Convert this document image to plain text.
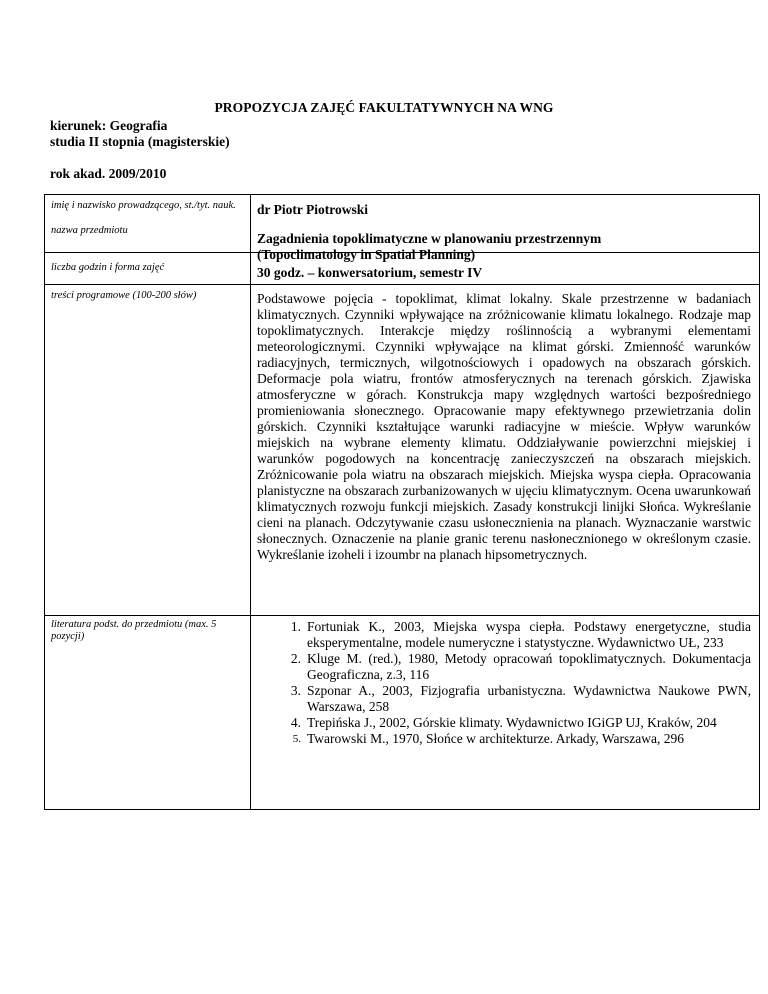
PROPOZYCJA ZAJĘĆ FAKULTATYWNYCH NA WNG
kierunek: Geografia
studia II stopnia (magisterskie)
rok akad. 2009/2010
imię i nazwisko prowadzącego, st./tyt. nauk.
nazwa przedmiotu
liczba godzin i forma zajęć
treści programowe (100-200 słów)
literatura podst. do przedmiotu (max. 5 pozycji)
dr Piotr Piotrowski
Zagadnienia topoklimatyczne w planowaniu przestrzennym
(Topoclimatology in Spatial Planning)
30 godz. – konwersatorium, semestr IV
Podstawowe pojęcia - topoklimat, klimat lokalny. Skale przestrzenne w badaniach klimatycznych. Czynniki wpływające na zróżnicowanie klimatu lokalnego. Rodzaje map topoklimatycznych. Interakcje między roślinnością a wybranymi elementami meteorologicznymi. Czynniki wpływające na klimat górski. Zmienność warunków radiacyjnych, termicznych, wilgotnościowych i opadowych na obszarach górskich. Deformacje pola wiatru, frontów atmosferycznych na terenach górskich. Zjawiska atmosferyczne w górach. Konstrukcja mapy względnych wartości bezpośredniego promieniowania słonecznego. Opracowanie mapy efektywnego przewietrzania dolin górskich. Czynniki kształtujące warunki radiacyjne w mieście. Wpływ warunków miejskich na wybrane elementy klimatu. Oddziaływanie powierzchni miejskiej i warunków pogodowych na koncentrację zanieczyszczeń na obszarach miejskich. Zróżnicowanie pola wiatru na obszarach miejskich. Miejska wyspa ciepła. Opracowania planistyczne na obszarach zurbanizowanych w ujęciu klimatycznym. Ocena uwarunkowań klimatycznych rozwoju funkcji miejskich. Zasady konstrukcji linijki Słońca. Wykreślanie cieni na planach. Odczytywanie czasu usłonecznienia na planach. Wyznaczanie warstwic słonecznych. Oznaczenie na planie granic terenu nasłonecznionego w określonym czasie. Wykreślanie izoheli i izoumbr na planach hipsometrycznych.
1. Fortuniak K., 2003, Miejska wyspa ciepła. Podstawy energetyczne, studia eksperymentalne, modele numeryczne i statystyczne. Wydawnictwo UŁ, 233
2. Kluge M. (red.), 1980, Metody opracowań topoklimatycznych. Dokumentacja Geograficzna, z.3, 116
3. Szponar A., 2003, Fizjografia urbanistyczna. Wydawnictwa Naukowe PWN, Warszawa, 258
4. Trepińska J., 2002, Górskie klimaty. Wydawnictwo IGiGP UJ, Kraków, 204
5. Twarowski M., 1970, Słońce w architekturze. Arkady, Warszawa, 296
